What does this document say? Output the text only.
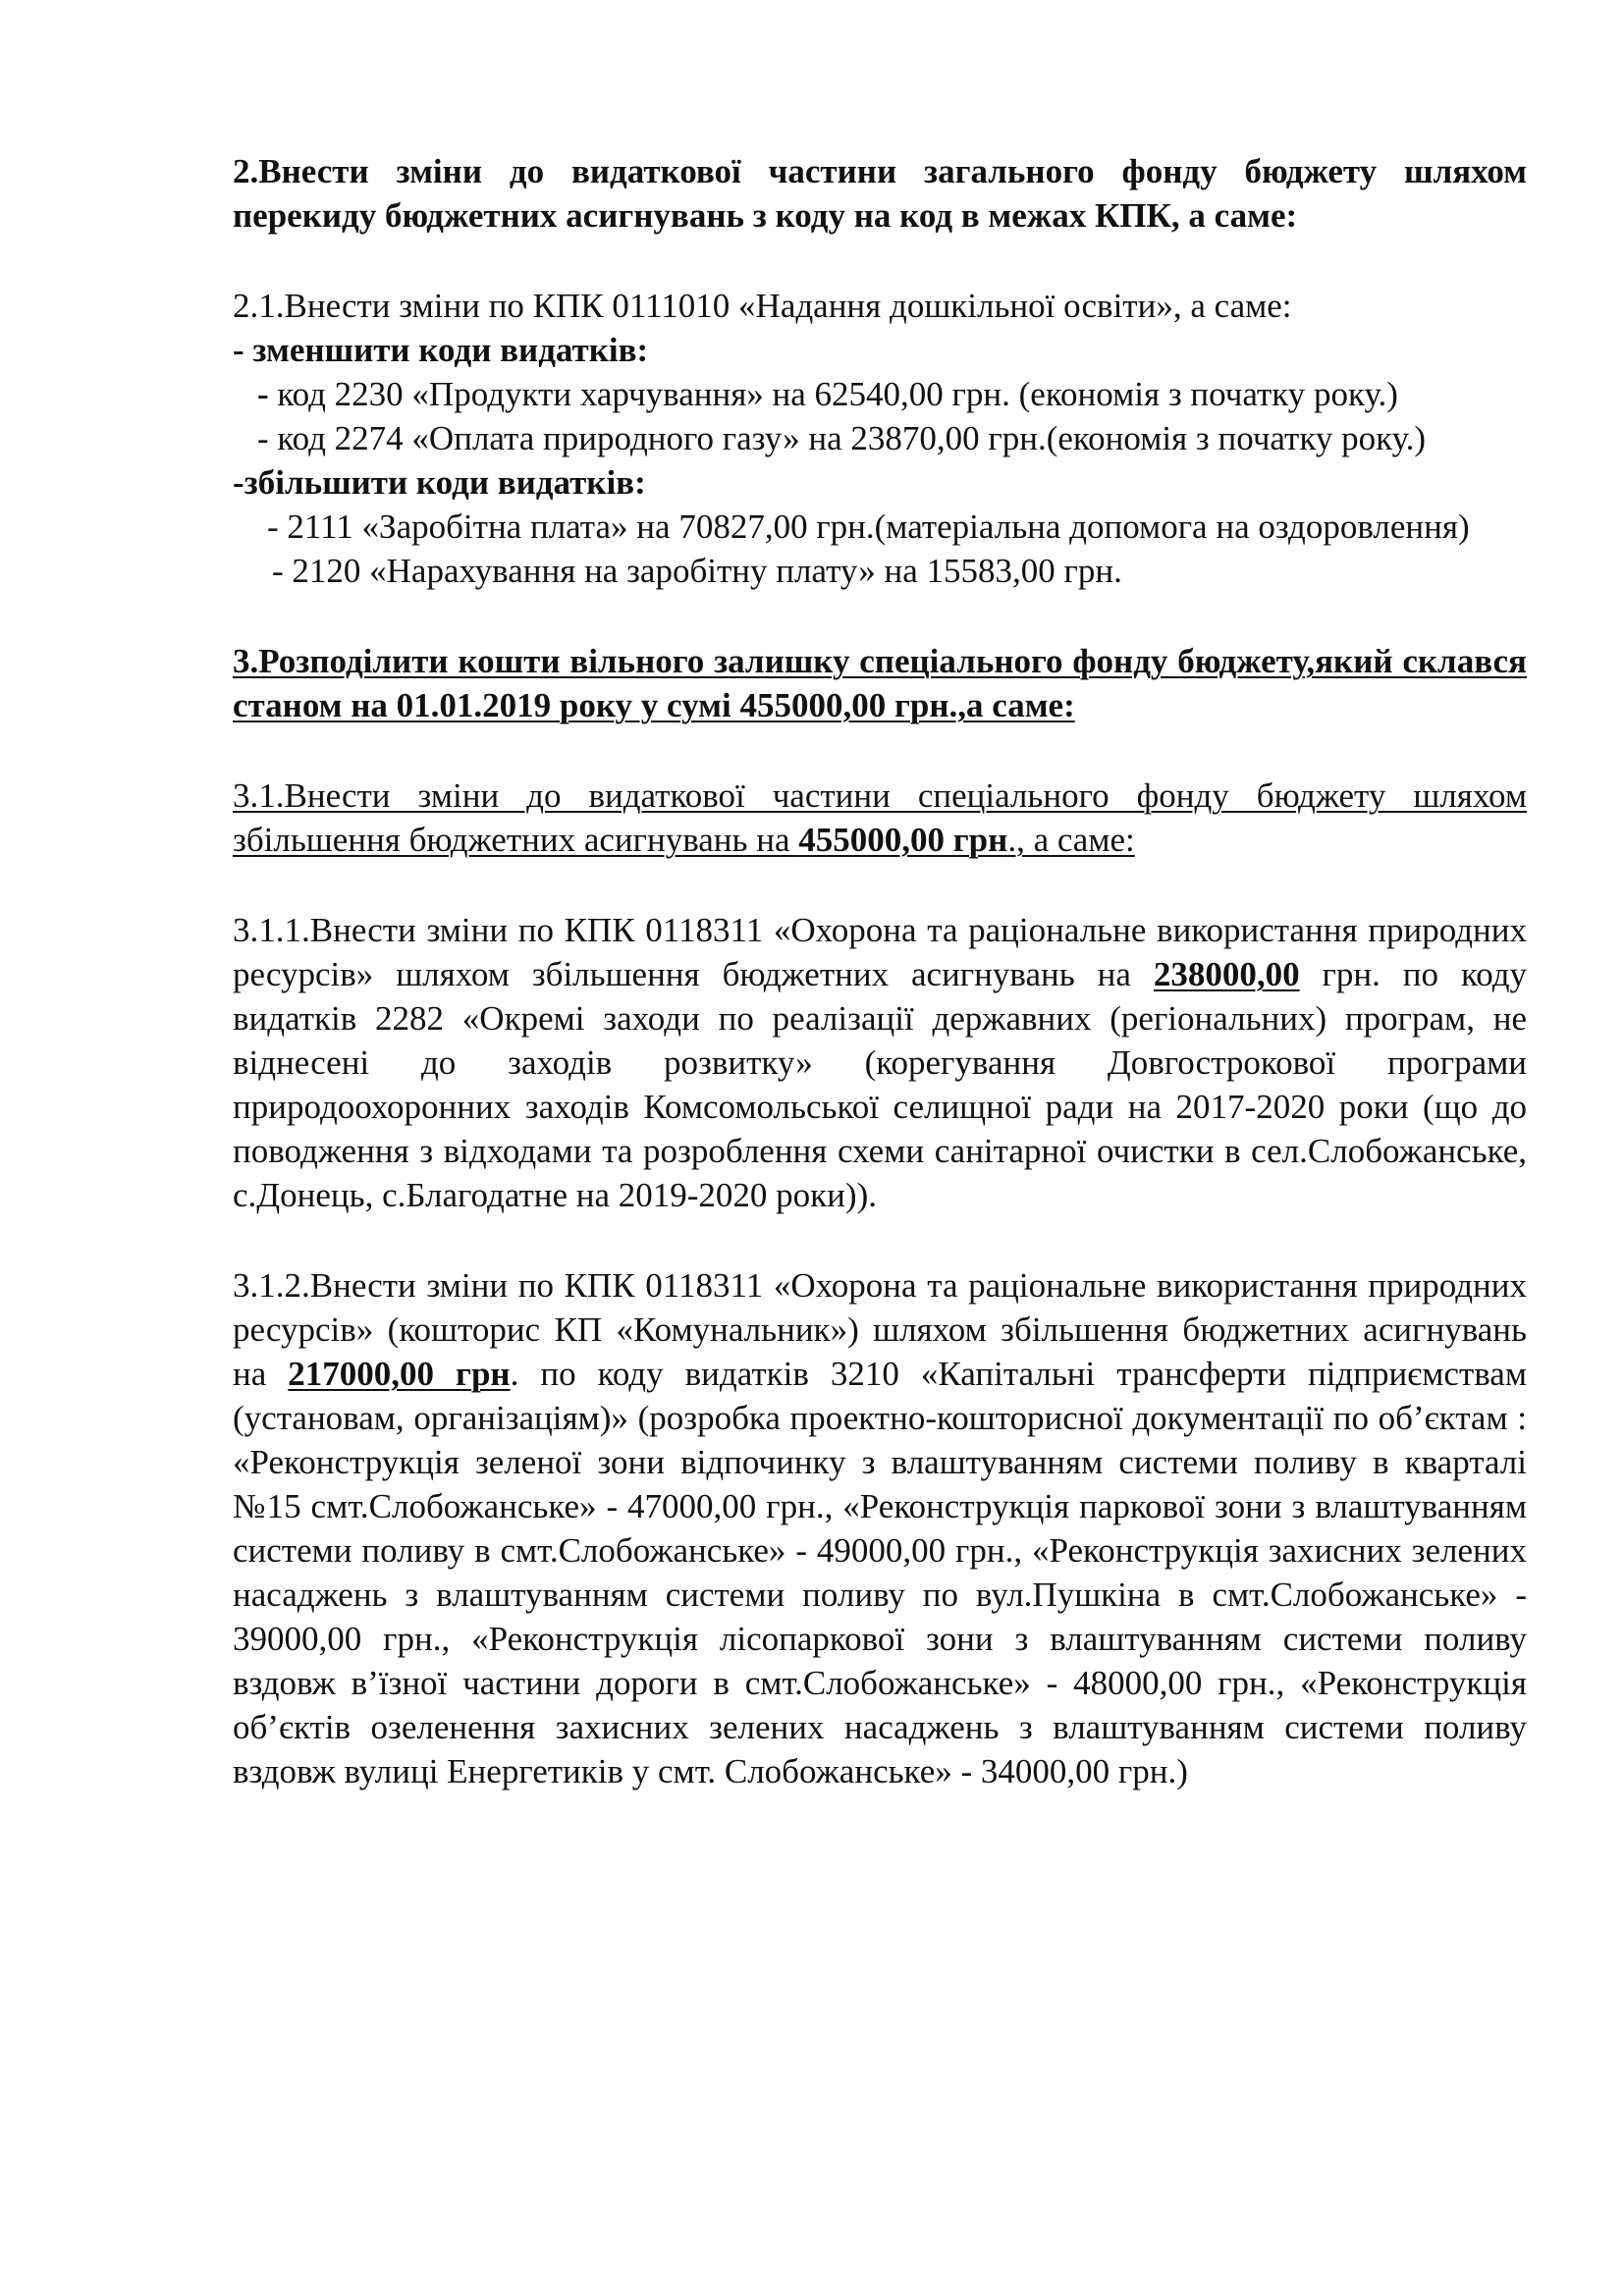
2.Внести зміни до видаткової частини загального фонду бюджету шляхом перекиду бюджетних асигнувань з коду на код в межах КПК, а саме:

2.1.Внести зміни по КПК 0111010 «Надання дошкільної освіти», а саме:

- зменшити коди видатків:

- код 2230 «Продукти харчування» на 62540,00 грн. (економія з початку року.)

- код 2274 «Оплата природного газу» на 23870,00 грн.(економія з початку року.)

-збільшити коди видатків:

- 2111 «Заробітна плата» на 70827,00 грн.(матеріальна допомога на оздоровлення)

- 2120 «Нарахування на заробітну плату» на 15583,00 грн.

3.Розподілити кошти вільного залишку спеціального фонду бюджету,який склався станом на 01.01.2019 року у сумі 455000,00 грн.,а саме:

3.1.Внести зміни до видаткової частини спеціального фонду бюджету шляхом збільшення бюджетних асигнувань на 455000,00 грн., а саме:

3.1.1.Внести зміни по КПК 0118311 «Охорона та раціональне використання природних ресурсів» шляхом збільшення бюджетних асигнувань на 238000,00 грн. по коду видатків 2282 «Окремі заходи по реалізації державних (регіональних) програм, не віднесені до заходів розвитку» (корегування Довгострокової програми природоохоронних заходів Комсомольської селищної ради на 2017-2020 роки (що до поводження з відходами та розроблення схеми санітарної очистки в сел.Слобожанське, с.Донець, с.Благодатне на 2019-2020 роки)).

3.1.2.Внести зміни по КПК 0118311 «Охорона та раціональне використання природних ресурсів» (кошторис КП «Комунальник») шляхом збільшення бюджетних асигнувань на 217000,00 грн. по коду видатків 3210 «Капітальні трансферти підприємствам (установам, організаціям)» (розробка проектно-кошторисної документації по об’єктам : «Реконструкція зеленої зони відпочинку з влаштуванням системи поливу в кварталі №15 смт.Слобожанське» - 47000,00 грн., «Реконструкція паркової зони з влаштуванням системи поливу в смт.Слобожанське» - 49000,00 грн., «Реконструкція захисних зелених насаджень з влаштуванням системи поливу по вул.Пушкіна в смт.Слобожанське» - 39000,00 грн., «Реконструкція лісопаркової зони з влаштуванням системи поливу вздовж в’їзної частини дороги в смт.Слобожанське» - 48000,00 грн., «Реконструкція об’єктів озеленення захисних зелених насаджень з влаштуванням системи поливу вздовж вулиці Енергетиків у смт. Слобожанське» - 34000,00 грн.)
